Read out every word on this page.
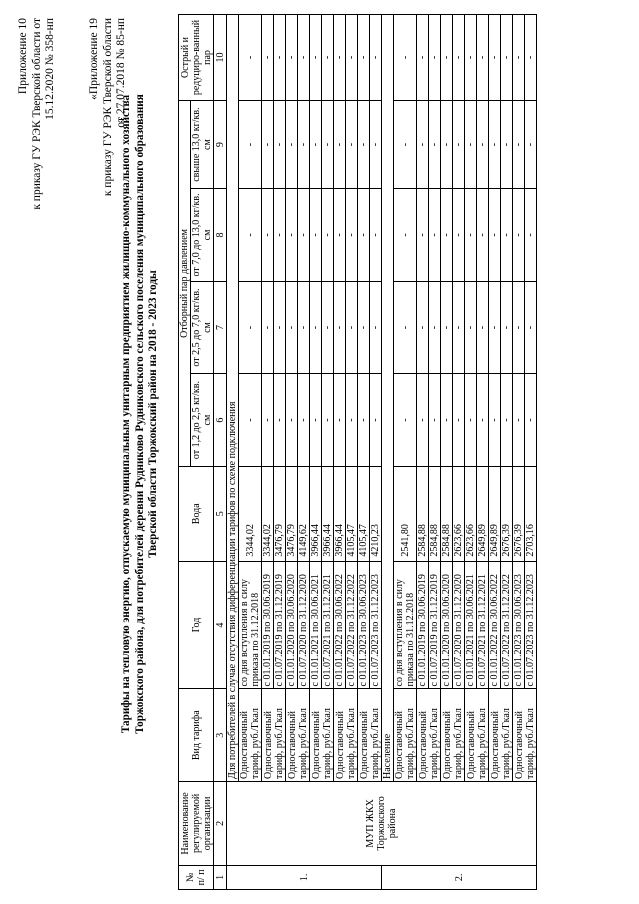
Приложение 10 к приказу ГУ РЭК Тверской области от 15.12.2020 № 358-нп	«Приложение 19 к приказу ГУ РЭК Тверской области от 27.07.2018 № 85-нп
Тарифы на тепловую энергию, отпускаемую муниципальным унитарным предприятием жилищно-коммунального хозяйства Торжокского района, для потребителей деревни Рудниково Рудниковского сельского поселения муниципального образования Тверской области Торжокский район на 2018 - 2023 годы
№ п/ п	Наименование регулируемой организации	Вид тарифа	Год	Вода	Отборный пар давлением				Острый и редуциро-ванный пар
					от 1,2 до 2,5 кг/кв. см	от 2,5 до 7,0 кг/кв. см	от 7,0 до 13,0 кг/кв. см	свыше 13,0 кг/кв. см	
1	2	3	4	5	6	7	8	9	10
1.	МУП ЖКХ Торжокского района	Для потребителей в случае отсутствия дифференциации тарифов по схеме подключения							
		Одноставочный тариф, руб./Гкал	со дня вступления в силу приказа по 31.12.2018	3344,02	-	-	-	-	-
		Одноставочный тариф, руб./Гкал	с 01.01.2019 по 30.06.2019	3344,02	-	-	-	-	-
			с 01.07.2019 по 31.12.2019	3476,79	-	-	-	-	-
		Одноставочный тариф, руб./Гкал	с 01.01.2020 по 30.06.2020	3476,79	-	-	-	-	-
			с 01.07.2020 по 31.12.2020	4149,62	-	-	-	-	-
		Одноставочный тариф, руб./Гкал	с 01.01.2021 по 30.06.2021	3966,44	-	-	-	-	-
			с 01.07.2021 по 31.12.2021	3966,44	-	-	-	-	-
		Одноставочный тариф, руб./Гкал	с 01.01.2022 по 30.06.2022	3966,44	-	-	-	-	-
			с 01.07.2022 по 31.12.2022	4105,47	-	-	-	-	-
		Одноставочный тариф, руб./Гкал	с 01.01.2023 по 30.06.2023	4105,47	-	-	-	-	-
			с 01.07.2023 по 31.12.2023	4210,23	-	-	-	-	-
2.		Население							
		Одноставочный тариф, руб./Гкал	со дня вступления в силу приказа по 31.12.2018	2541,80	-	-	-	-	-
		Одноставочный тариф, руб./Гкал	с 01.01.2019 по 30.06.2019	2584,88	-	-	-	-	-
			с 01.07.2019 по 31.12.2019	2584,88	-	-	-	-	-
		Одноставочный тариф, руб./Гкал	с 01.01.2020 по 30.06.2020	2584,88	-	-	-	-	-
			с 01.07.2020 по 31.12.2020	2623,66	-	-	-	-	-
		Одноставочный тариф, руб./Гкал	с 01.01.2021 по 30.06.2021	2623,66	-	-	-	-	-
			с 01.07.2021 по 31.12.2021	2649,89	-	-	-	-	-
		Одноставочный тариф, руб./Гкал	с 01.01.2022 по 30.06.2022	2649,89	-	-	-	-	-
			с 01.07.2022 по 31.12.2022	2676,39	-	-	-	-	-
		Одноставочный тариф, руб./Гкал	с 01.01.2023 по 30.06.2023	2676,39	-	-	-	-	-
			с 01.07.2023 по 31.12.2023	2703,16	-	-	-	-	-
